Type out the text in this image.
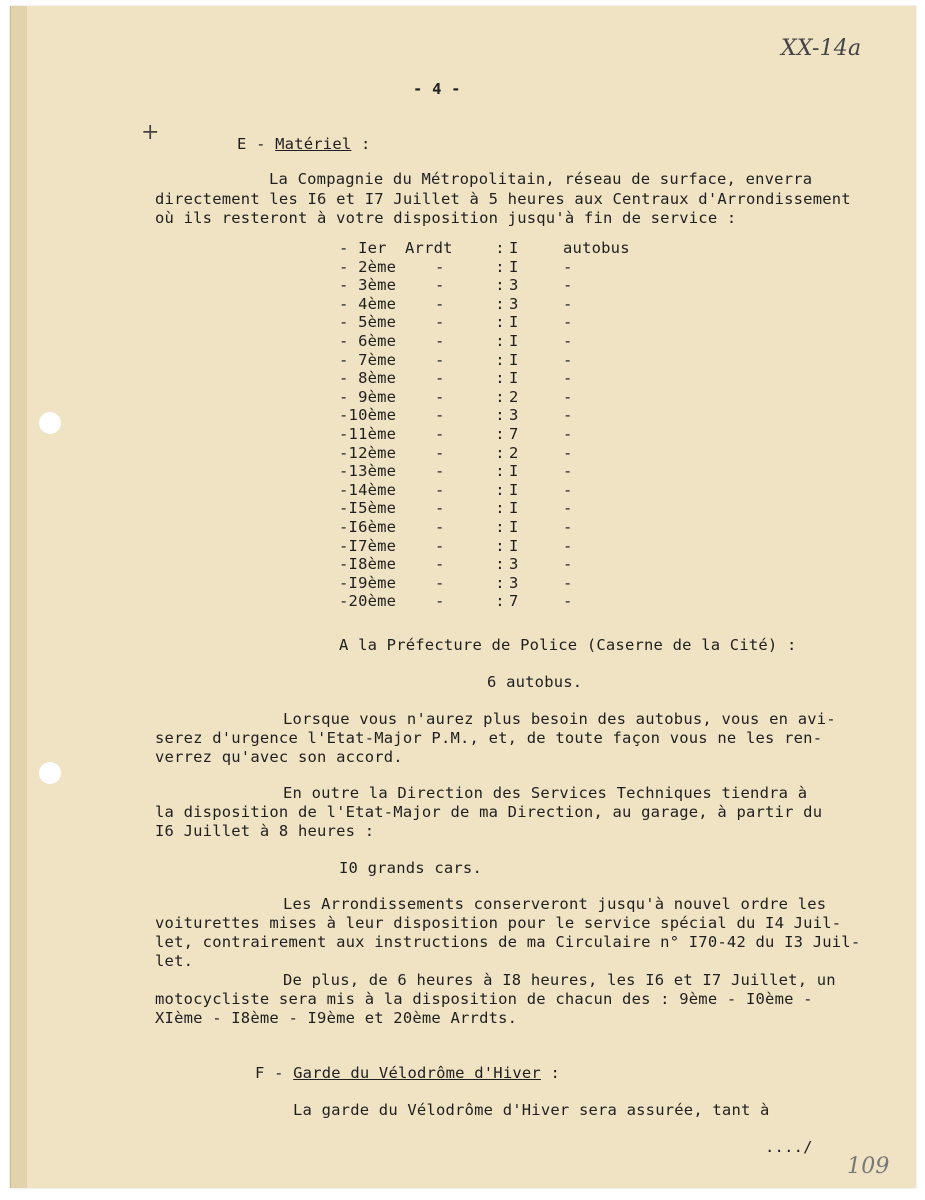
XX-14a
- 4 -
+	E - Matériel :
La Compagnie du Métropolitain, réseau de surface, enverra
directement les I6 et I7 Juillet à 5 heures aux Centraux d'Arrondissement
où ils resteront à votre disposition jusqu'à fin de service :
- Ier	Arrdt	:	I	autobus
- 2ème	-	:	I	-
- 3ème	-	:	3	-
- 4ème	-	:	3	-
- 5ème	-	:	I	-
- 6ème	-	:	I	-
- 7ème	-	:	I	-
- 8ème	-	:	I	-
- 9ème	-	:	2	-
-10ème	-	:	3	-
-11ème	-	:	7	-
-12ème	-	:	2	-
-13ème	-	:	I	-
-14ème	-	:	I	-
-I5ème	-	:	I	-
-I6ème	-	:	I	-
-I7ème	-	:	I	-
-I8ème	-	:	3	-
-I9ème	-	:	3	-
-20ème	-	:	7	-
A la Préfecture de Police (Caserne de la Cité) :
6 autobus.
Lorsque vous n'aurez plus besoin des autobus, vous en avi-
serez d'urgence l'Etat-Major P.M., et, de toute façon vous ne les ren-
verrez qu'avec son accord.
En outre la Direction des Services Techniques tiendra à
la disposition de l'Etat-Major de ma Direction, au garage, à partir du
I6 Juillet à 8 heures :
I0 grands cars.
Les Arrondissements conserveront jusqu'à nouvel ordre les
voiturettes mises à leur disposition pour le service spécial du I4 Juil-
let, contrairement aux instructions de ma Circulaire n° I70-42 du I3 Juil-
let.
De plus, de 6 heures à I8 heures, les I6 et I7 Juillet, un
motocycliste sera mis à la disposition de chacun des : 9ème - I0ème -
XIème - I8ème - I9ème et 20ème Arrdts.
F - Garde du Vélodrôme d'Hiver :
La garde du Vélodrôme d'Hiver sera assurée, tant à
..../
109
